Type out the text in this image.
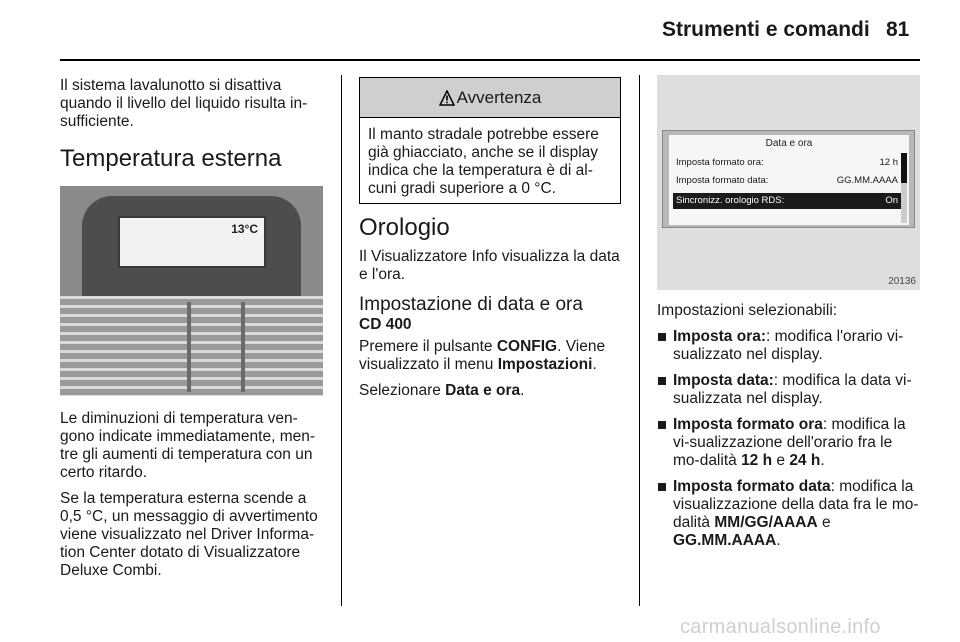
Strumenti e comandi 81

Il sistema lavalunotto si disattiva quando il livello del liquido risulta in-sufficiente.

Temperatura esterna
13°C

Le diminuzioni di temperatura ven-gono indicate immediatamente, men-tre gli aumenti di temperatura con un certo ritardo.

Se la temperatura esterna scende a 0,5 °C, un messaggio di avvertimento viene visualizzato nel Driver Informa-tion Center dotato di Visualizzatore Deluxe Combi.

Avvertenza
Il manto stradale potrebbe essere già ghiacciato, anche se il display indica che la temperatura è di al-cuni gradi superiore a 0 °C.
Orologio

Il Visualizzatore Info visualizza la data e l'ora.

Impostazione di data e ora
CD 400

Premere il pulsante CONFIG. Viene visualizzato il menu Impostazioni.

Selezionare Data e ora.

Data e ora
Imposta formato ora:	12 h
Imposta formato data:	GG.MM.AAAA
Sincronizz. orologio RDS:	On
20136

Impostazioni selezionabili:

Imposta ora:: modifica l'orario vi-sualizzato nel display.
Imposta data:: modifica la data vi-sualizzata nel display.
Imposta formato ora: modifica la vi-sualizzazione dell'orario fra le mo-dalità 12 h e 24 h.
Imposta formato data: modifica la visualizzazione della data fra le mo-dalità MM/GG/AAAA e GG.MM.AAAA.
carmanualsonline.info
